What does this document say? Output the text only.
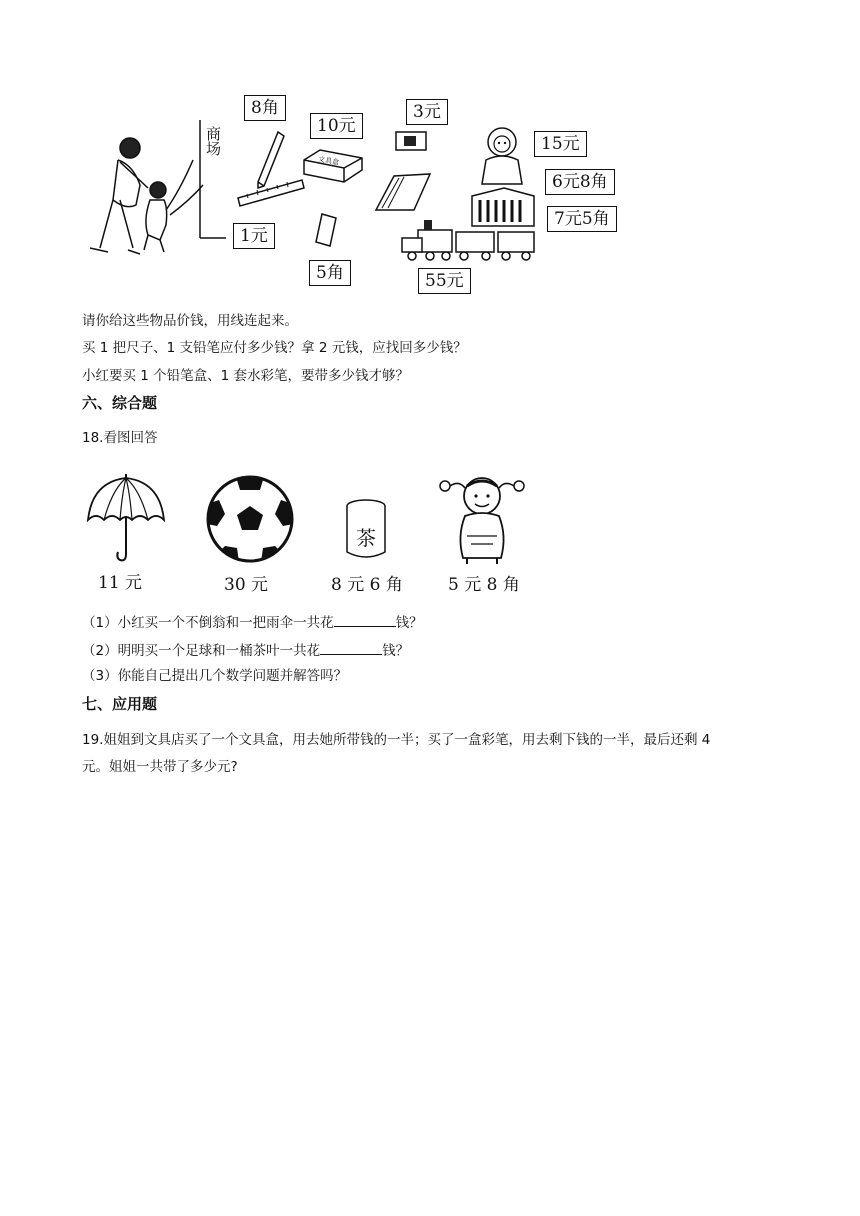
商场
8角
10元
3元
15元
6元8角
7元5角
1元
5角	55元
文具盒
请你给这些物品价钱，用线连起来。
买 1 把尺子、1 支铅笔应付多少钱？拿 2 元钱，应找回多少钱？
小红要买 1 个铅笔盒、1 套水彩笔，要带多少钱才够？
六、综合题
18.看图回答
11 元	30 元
茶
8 元 6 角	5 元 8 角
（1）小红买一个不倒翁和一把雨伞一共花	钱？
（2）明明买一个足球和一桶茶叶一共花	钱？
（3）你能自己提出几个数学问题并解答吗？
七、应用题
19.姐姐到文具店买了一个文具盒，用去她所带钱的一半；买了一盒彩笔，用去剩下钱的一半，最后还剩 4
元。姐姐一共带了多少元?
